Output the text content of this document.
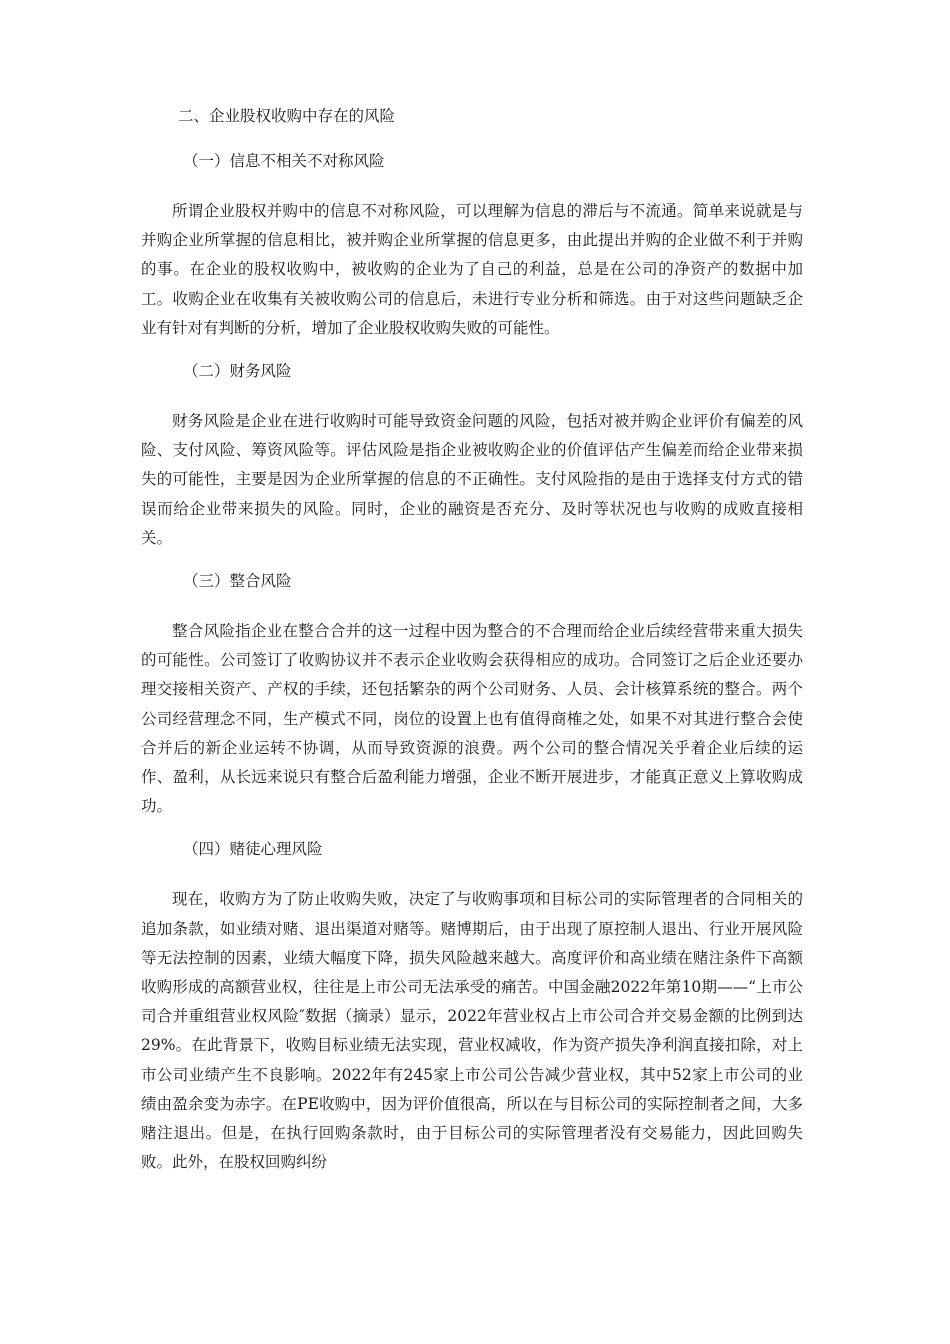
二、企业股权收购中存在的风险

（一）信息不相关不对称风险

所谓企业股权并购中的信息不对称风险，可以理解为信息的滞后与不流通。简单来说就是与并购企业所掌握的信息相比，被并购企业所掌握的信息更多，由此提出并购的企业做不利于并购的事。在企业的股权收购中，被收购的企业为了自己的利益，总是在公司的净资产的数据中加工。收购企业在收集有关被收购公司的信息后，未进行专业分析和筛选。由于对这些问题缺乏企业有针对有判断的分析，增加了企业股权收购失败的可能性。

（二）财务风险

财务风险是企业在进行收购时可能导致资金问题的风险，包括对被并购企业评价有偏差的风险、支付风险、筹资风险等。评估风险是指企业被收购企业的价值评估产生偏差而给企业带来损失的可能性，主要是因为企业所掌握的信息的不正确性。支付风险指的是由于选择支付方式的错误而给企业带来损失的风险。同时，企业的融资是否充分、及时等状况也与收购的成败直接相关。

（三）整合风险

整合风险指企业在整合合并的这一过程中因为整合的不合理而给企业后续经营带来重大损失的可能性。公司签订了收购协议并不表示企业收购会获得相应的成功。合同签订之后企业还要办理交接相关资产、产权的手续，还包括繁杂的两个公司财务、人员、会计核算系统的整合。两个公司经营理念不同，生产模式不同，岗位的设置上也有值得商榷之处，如果不对其进行整合会使合并后的新企业运转不协调，从而导致资源的浪费。两个公司的整合情况关乎着企业后续的运作、盈利，从长远来说只有整合后盈利能力增强，企业不断开展进步，才能真正意义上算收购成功。

（四）赌徒心理风险

现在，收购方为了防止收购失败，决定了与收购事项和目标公司的实际管理者的合同相关的追加条款，如业绩对赌、退出渠道对赌等。赌博期后，由于出现了原控制人退出、行业开展风险等无法控制的因素，业绩大幅度下降，损失风险越来越大。高度评价和高业绩在赌注条件下高额收购形成的高额营业权，往往是上市公司无法承受的痛苦。中国金融2022年第10期——“上市公司合并重组营业权风险″数据（摘录）显示，2022年营业权占上市公司合并交易金额的比例到达29%。在此背景下，收购目标业绩无法实现，营业权减收，作为资产损失净利润直接扣除，对上市公司业绩产生不良影响。2022年有245家上市公司公告减少营业权，其中52家上市公司的业绩由盈余变为赤字。在PE收购中，因为评价值很高，所以在与目标公司的实际控制者之间，大多赌注退出。但是，在执行回购条款时，由于目标公司的实际管理者没有交易能力，因此回购失败。此外，在股权回购纠纷
